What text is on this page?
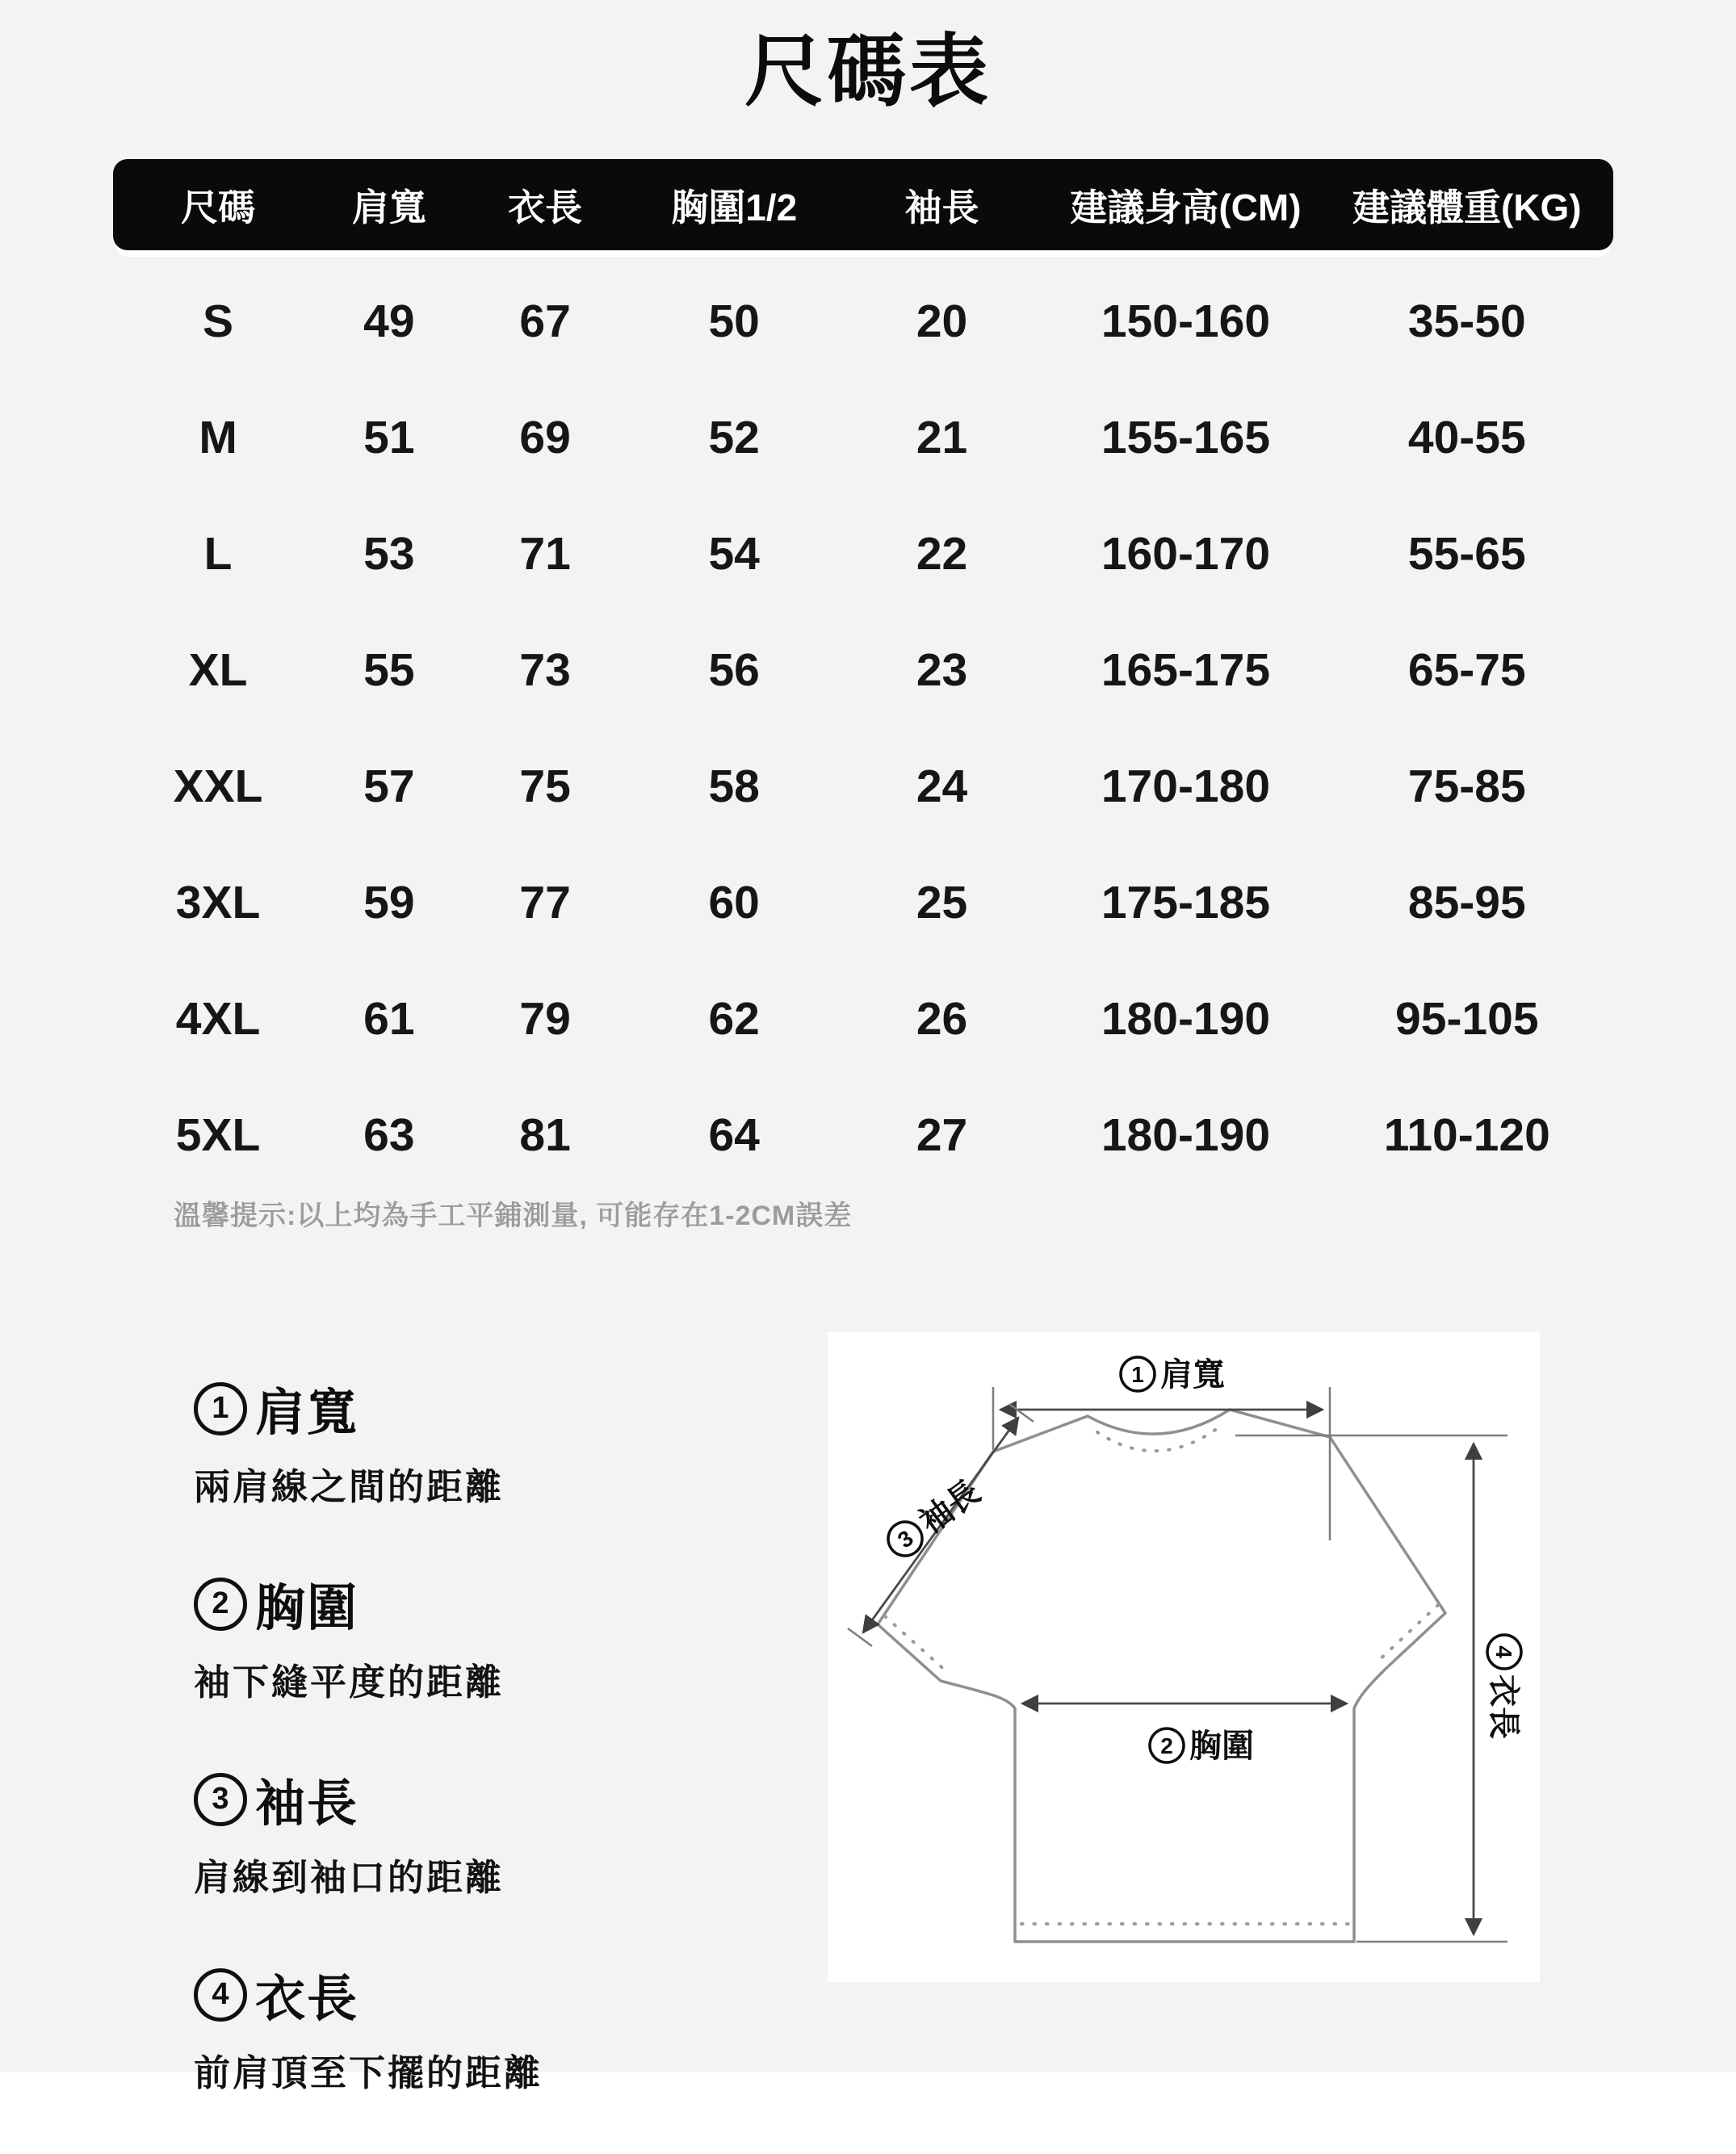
尺碼表
尺碼	肩寬	衣長	胸圍1/2	袖長	建議身高(CM)	建議體重(KG)
S	49	67	50	20	150-160	35-50
M	51	69	52	21	155-165	40-55
L	53	71	54	22	160-170	55-65
XL	55	73	56	23	165-175	65-75
XXL	57	75	58	24	170-180	75-85
3XL	59	77	60	25	175-185	85-95
4XL	61	79	62	26	180-190	95-105
5XL	63	81	64	27	180-190	110-120
溫馨提示:以上均為手工平鋪測量, 可能存在1-2CM誤差
1 肩寬
兩肩線之間的距離
2 胸圍
袖下縫平度的距離
3 袖長
肩線到袖口的距離
4 衣長
前肩頂至下擺的距離
1 肩寬
3
袖長
2 胸圍
4
衣長
